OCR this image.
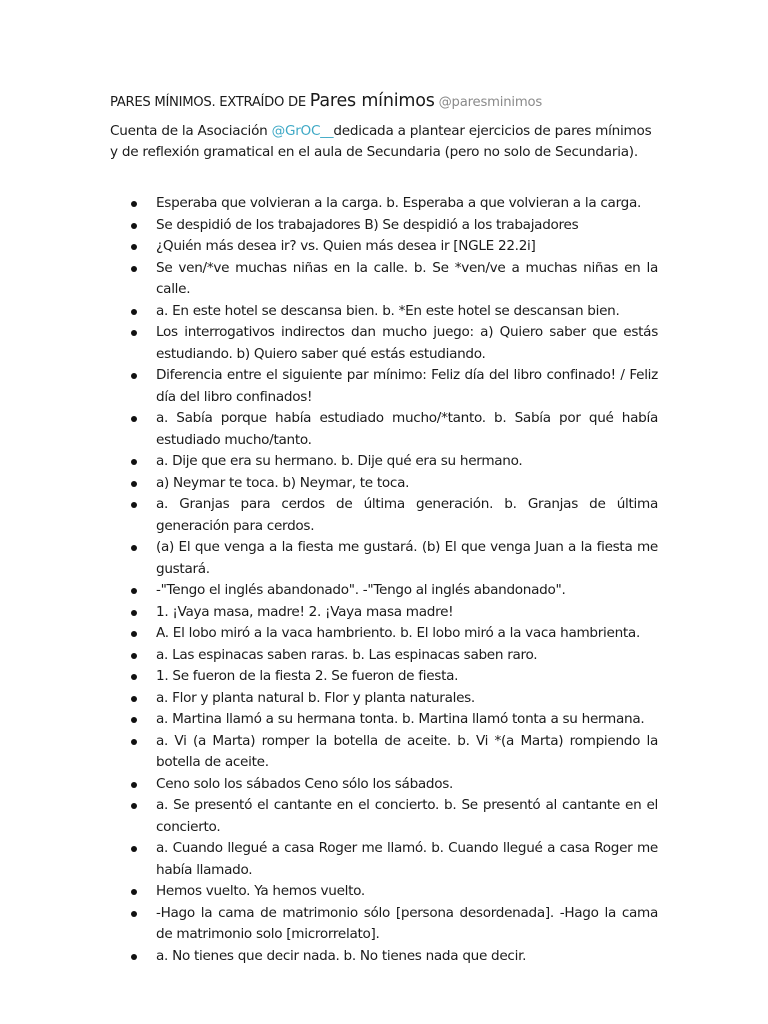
PARES MÍNIMOS. EXTRAÍDO DE Pares mínimos @paresminimos

Cuenta de la Asociación @GrOC__dedicada a plantear ejercicios de pares mínimos y de reflexión gramatical en el aula de Secundaria (pero no solo de Secundaria).

Esperaba que volvieran a la carga. b. Esperaba a que volvieran a la carga.
Se despidió de los trabajadores B) Se despidió a los trabajadores
¿Quién más desea ir? vs. Quien más desea ir [NGLE 22.2i]
Se ven/*ve muchas niñas en la calle. b. Se *ven/ve a muchas niñas en la calle.
a. En este hotel se descansa bien. b. *En este hotel se descansan bien.
Los interrogativos indirectos dan mucho juego: a) Quiero saber que estás estudiando. b) Quiero saber qué estás estudiando.
Diferencia entre el siguiente par mínimo: Feliz día del libro confinado! / Feliz día del libro confinados!
a. Sabía porque había estudiado mucho/*tanto. b. Sabía por qué había estudiado mucho/tanto.
a. Dije que era su hermano. b. Dije qué era su hermano.
a) Neymar te toca. b) Neymar, te toca.
a. Granjas para cerdos de última generación. b. Granjas de última generación para cerdos.
(a) El que venga a la fiesta me gustará. (b) El que venga Juan a la fiesta me gustará.
-"Tengo el inglés abandonado". -"Tengo al inglés abandonado".
1. ¡Vaya masa, madre! 2. ¡Vaya masa madre!
A. El lobo miró a la vaca hambriento. b. El lobo miró a la vaca hambrienta.
a. Las espinacas saben raras. b. Las espinacas saben raro.
1. Se fueron de la fiesta 2. Se fueron de fiesta.
a. Flor y planta natural b. Flor y planta naturales.
a. Martina llamó a su hermana tonta. b. Martina llamó tonta a su hermana.
a. Vi (a Marta) romper la botella de aceite. b. Vi *(a Marta) rompiendo la botella de aceite.
Ceno solo los sábados Ceno sólo los sábados.
a. Se presentó el cantante en el concierto. b. Se presentó al cantante en el concierto.
a. Cuando llegué a casa Roger me llamó. b. Cuando llegué a casa Roger me había llamado.
Hemos vuelto. Ya hemos vuelto.
-Hago la cama de matrimonio sólo [persona desordenada]. -Hago la cama de matrimonio solo [microrrelato].
a. No tienes que decir nada. b. No tienes nada que decir.
